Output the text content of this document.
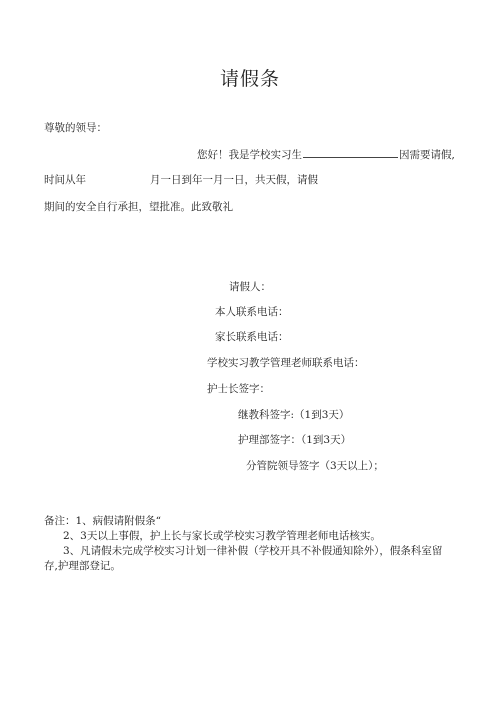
请假条
尊敬的领导：
您好！我是学校实习生	因需要请假,
时间从年	月一日到年一月一日，共天假，请假
期间的安全自行承担，望批准。此致敬礼
请假人：
本人联系电话：
家长联系电话：
学校实习教学管理老师联系电话：
护士长签字：
继教科签字:（1到3天）
护理部签字：（1到3天）
分管院领导签字（3天以上）；
备注：1、病假请附假条“
2、3天以上事假，护上长与家长或学校实习教学管理老师电话核实。
3、凡请假未完成学校实习计划一律补假（学校开具不补假通知除外），假条科室留
存,护理部登记。
